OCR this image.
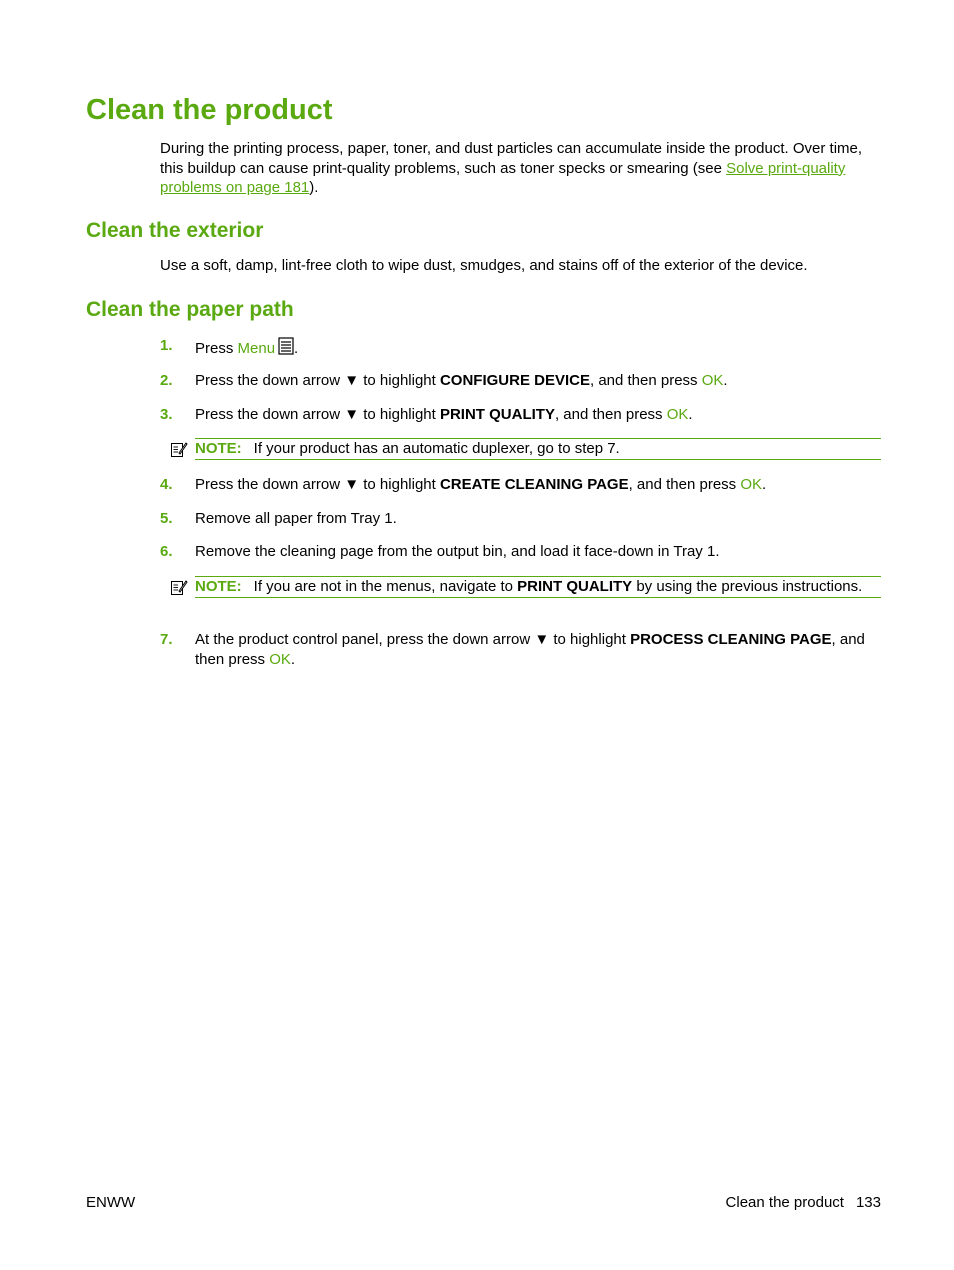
Clean the product
During the printing process, paper, toner, and dust particles can accumulate inside the product. Over time, this buildup can cause print-quality problems, such as toner specks or smearing (see Solve print-quality problems on page 181).
Clean the exterior
Use a soft, damp, lint-free cloth to wipe dust, smudges, and stains off of the exterior of the device.
Clean the paper path
1. Press Menu .
2. Press the down arrow ▼ to highlight CONFIGURE DEVICE, and then press OK.
3. Press the down arrow ▼ to highlight PRINT QUALITY, and then press OK.
NOTE: If your product has an automatic duplexer, go to step 7.
4. Press the down arrow ▼ to highlight CREATE CLEANING PAGE, and then press OK.
5. Remove all paper from Tray 1.
6. Remove the cleaning page from the output bin, and load it face-down in Tray 1.
NOTE: If you are not in the menus, navigate to PRINT QUALITY by using the previous instructions.
7. At the product control panel, press the down arrow ▼ to highlight PROCESS CLEANING PAGE, and then press OK.
ENWW	Clean the product 133
